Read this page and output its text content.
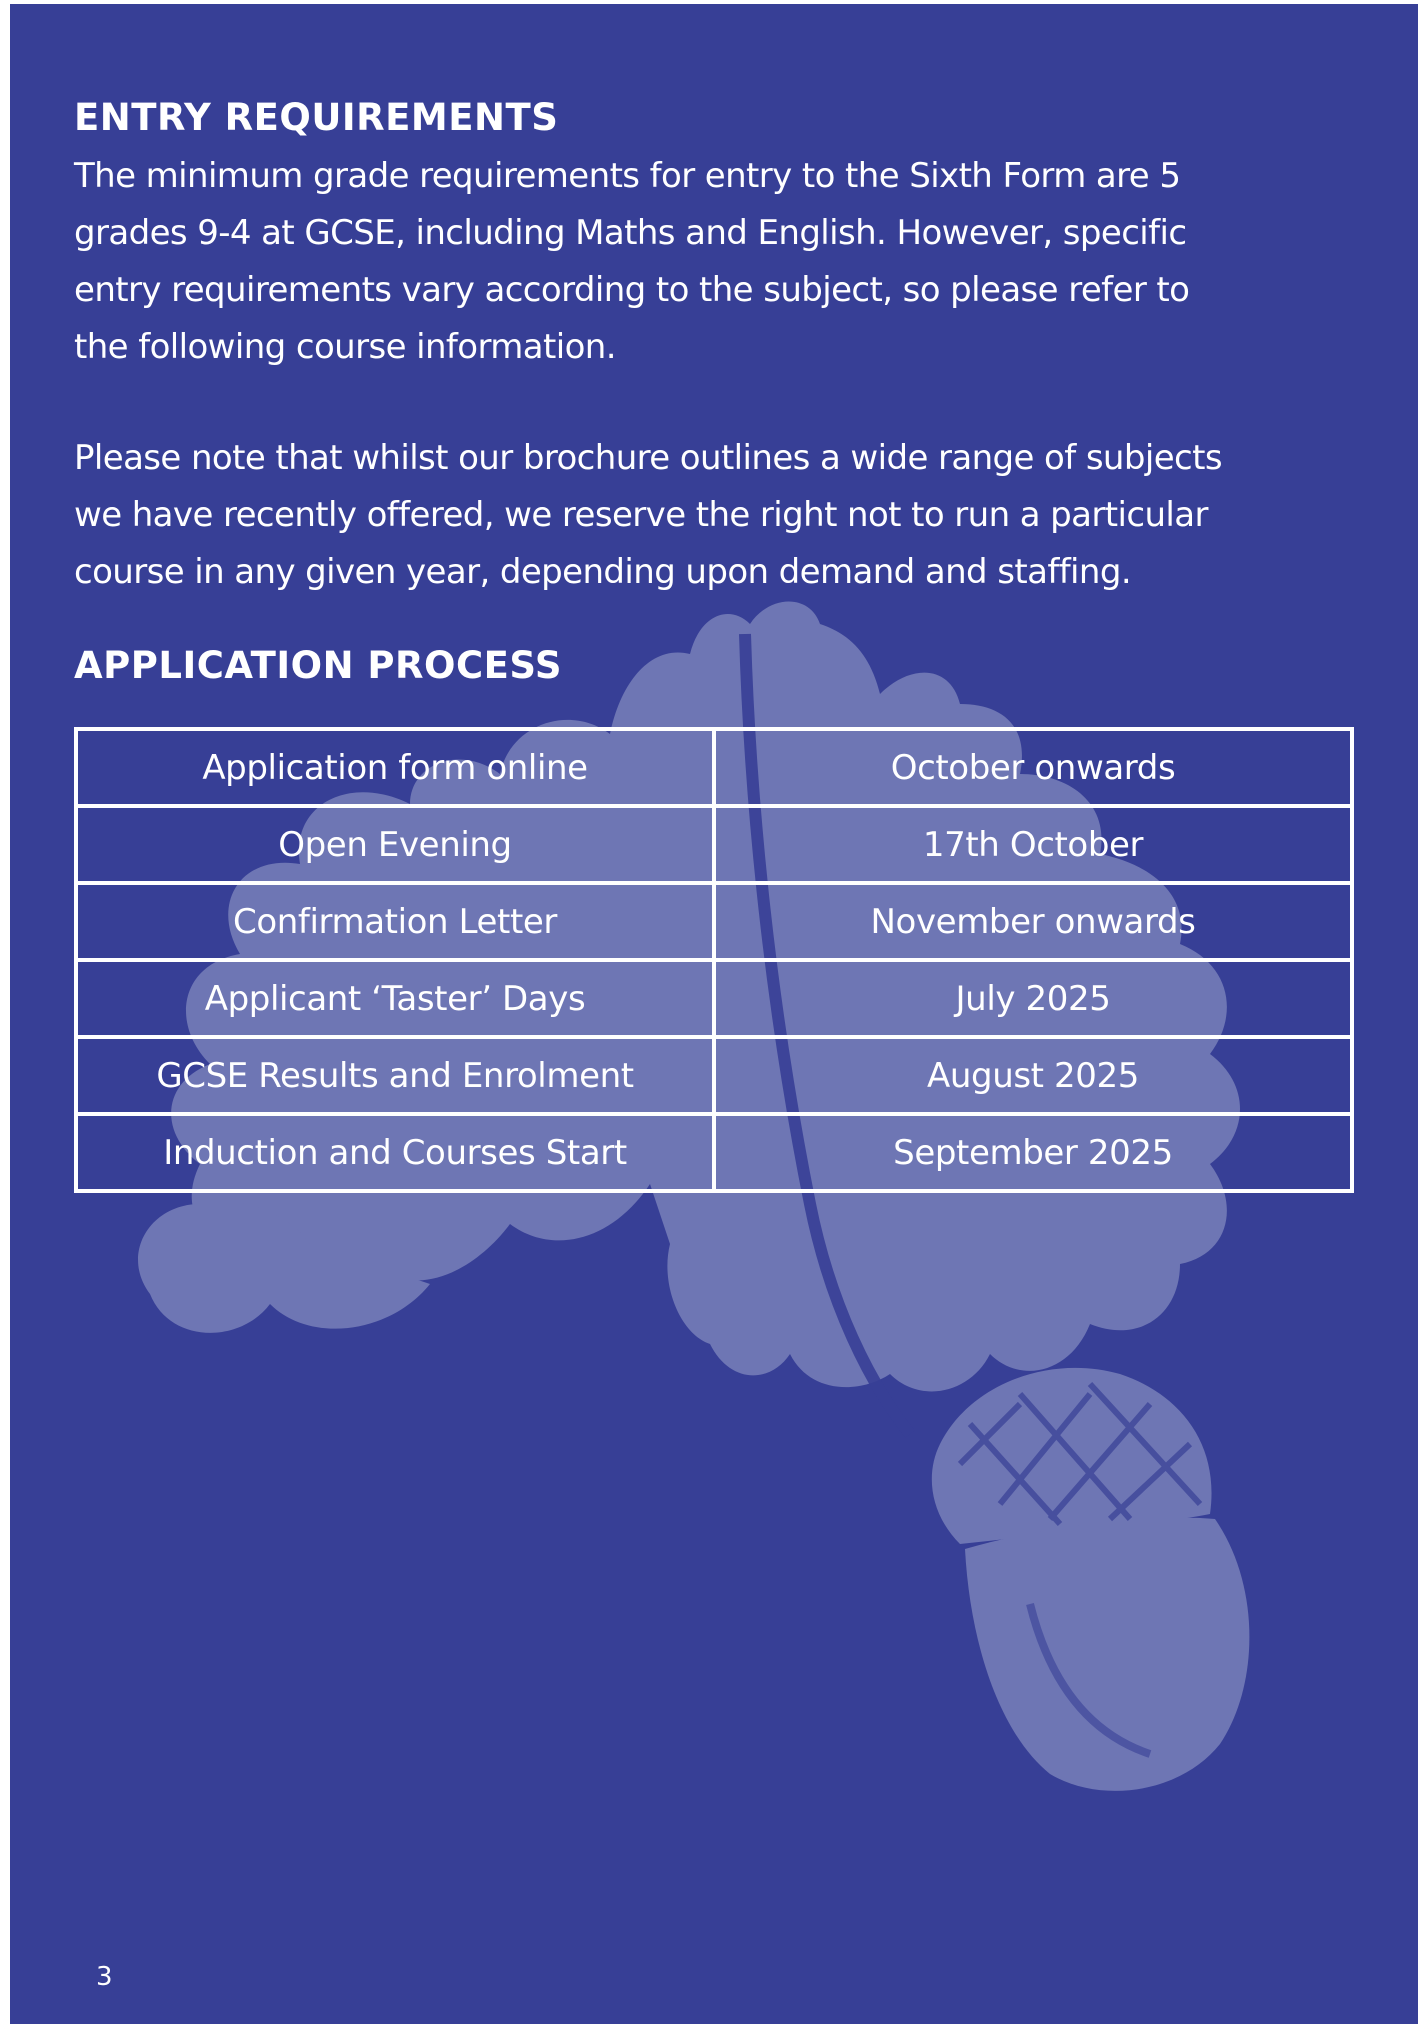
ENTRY REQUIREMENTS

The minimum grade requirements for entry to the Sixth Form are 5
grades 9-4 at GCSE, including Maths and English. However, specific
entry requirements vary according to the subject, so please refer to
the following course information.

Please note that whilst our brochure outlines a wide range of subjects
we have recently offered, we reserve the right not to run a particular
course in any given year, depending upon demand and staffing.

APPLICATION PROCESS
Application form online	October onwards
Open Evening	17th October
Confirmation Letter	November onwards
Applicant ‘Taster’ Days	July 2025
GCSE Results and Enrolment	August 2025
Induction and Courses Start	September 2025
3
